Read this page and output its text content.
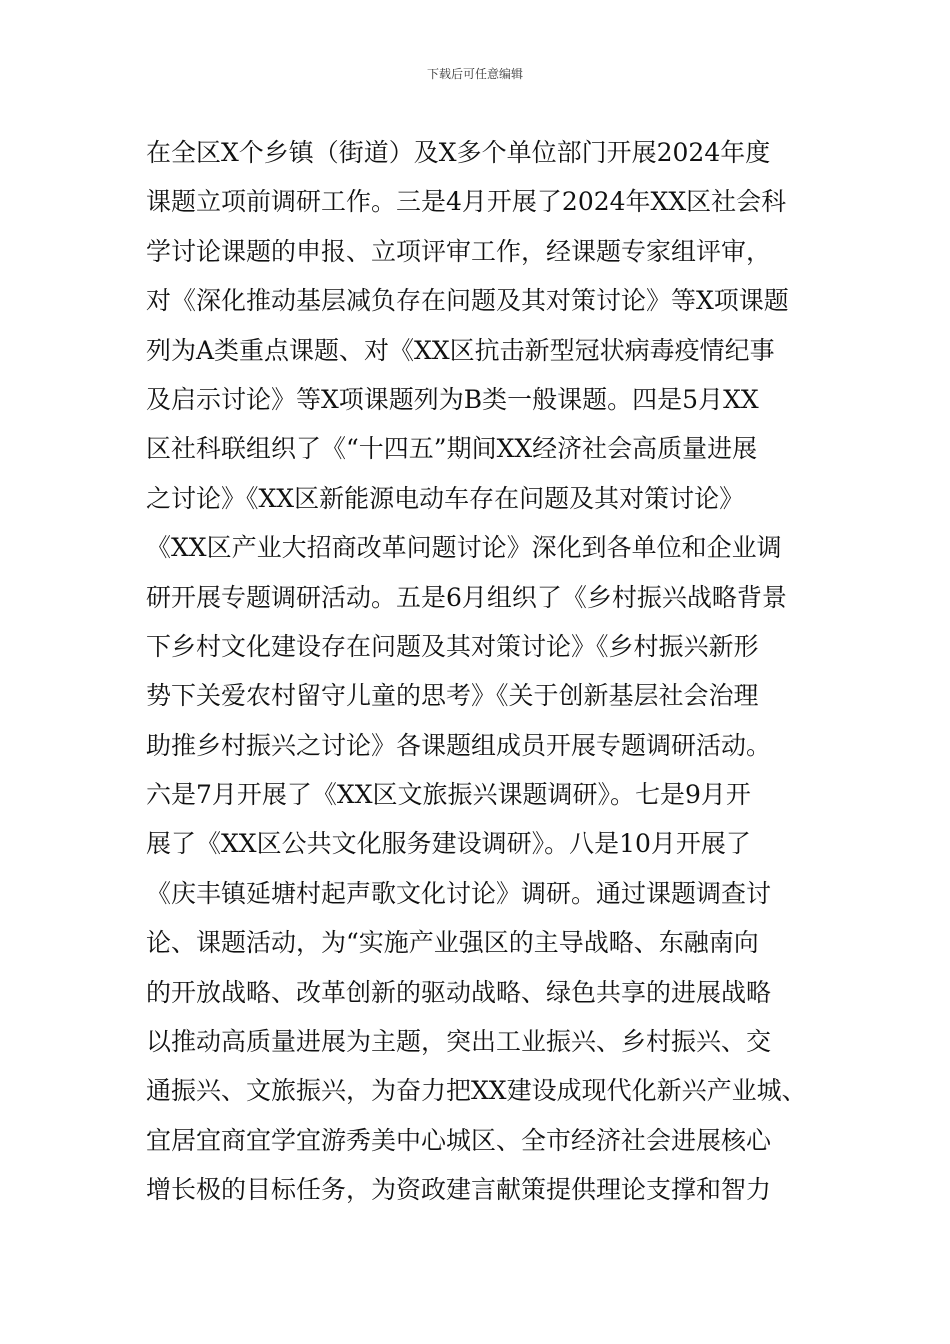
下载后可任意编辑
在全区X个乡镇（街道）及X多个单位部门开展2024年度
课题立项前调研工作。三是4月开展了2024年XX区社会科
学讨论课题的申报、立项评审工作，经课题专家组评审，
对《深化推动基层减负存在问题及其对策讨论》等X项课题
列为A类重点课题、对《XX区抗击新型冠状病毒疫情纪事
及启示讨论》等X项课题列为B类一般课题。四是5月XX
区社科联组织了《“十四五”期间XX经济社会高质量进展
之讨论》《XX区新能源电动车存在问题及其对策讨论》
《XX区产业大招商改革问题讨论》深化到各单位和企业调
研开展专题调研活动。五是6月组织了《乡村振兴战略背景
下乡村文化建设存在问题及其对策讨论》《乡村振兴新形
势下关爱农村留守儿童的思考》《关于创新基层社会治理
助推乡村振兴之讨论》各课题组成员开展专题调研活动。
六是7月开展了《XX区文旅振兴课题调研》。七是9月开
展了《XX区公共文化服务建设调研》。八是10月开展了
《庆丰镇延塘村起声歌文化讨论》调研。通过课题调查讨
论、课题活动，为“实施产业强区的主导战略、东融南向
的开放战略、改革创新的驱动战略、绿色共享的进展战略
以推动高质量进展为主题，突出工业振兴、乡村振兴、交
通振兴、文旅振兴，为奋力把XX建设成现代化新兴产业城、
宜居宜商宜学宜游秀美中心城区、全市经济社会进展核心
增长极的目标任务，为资政建言献策提供理论支撑和智力
